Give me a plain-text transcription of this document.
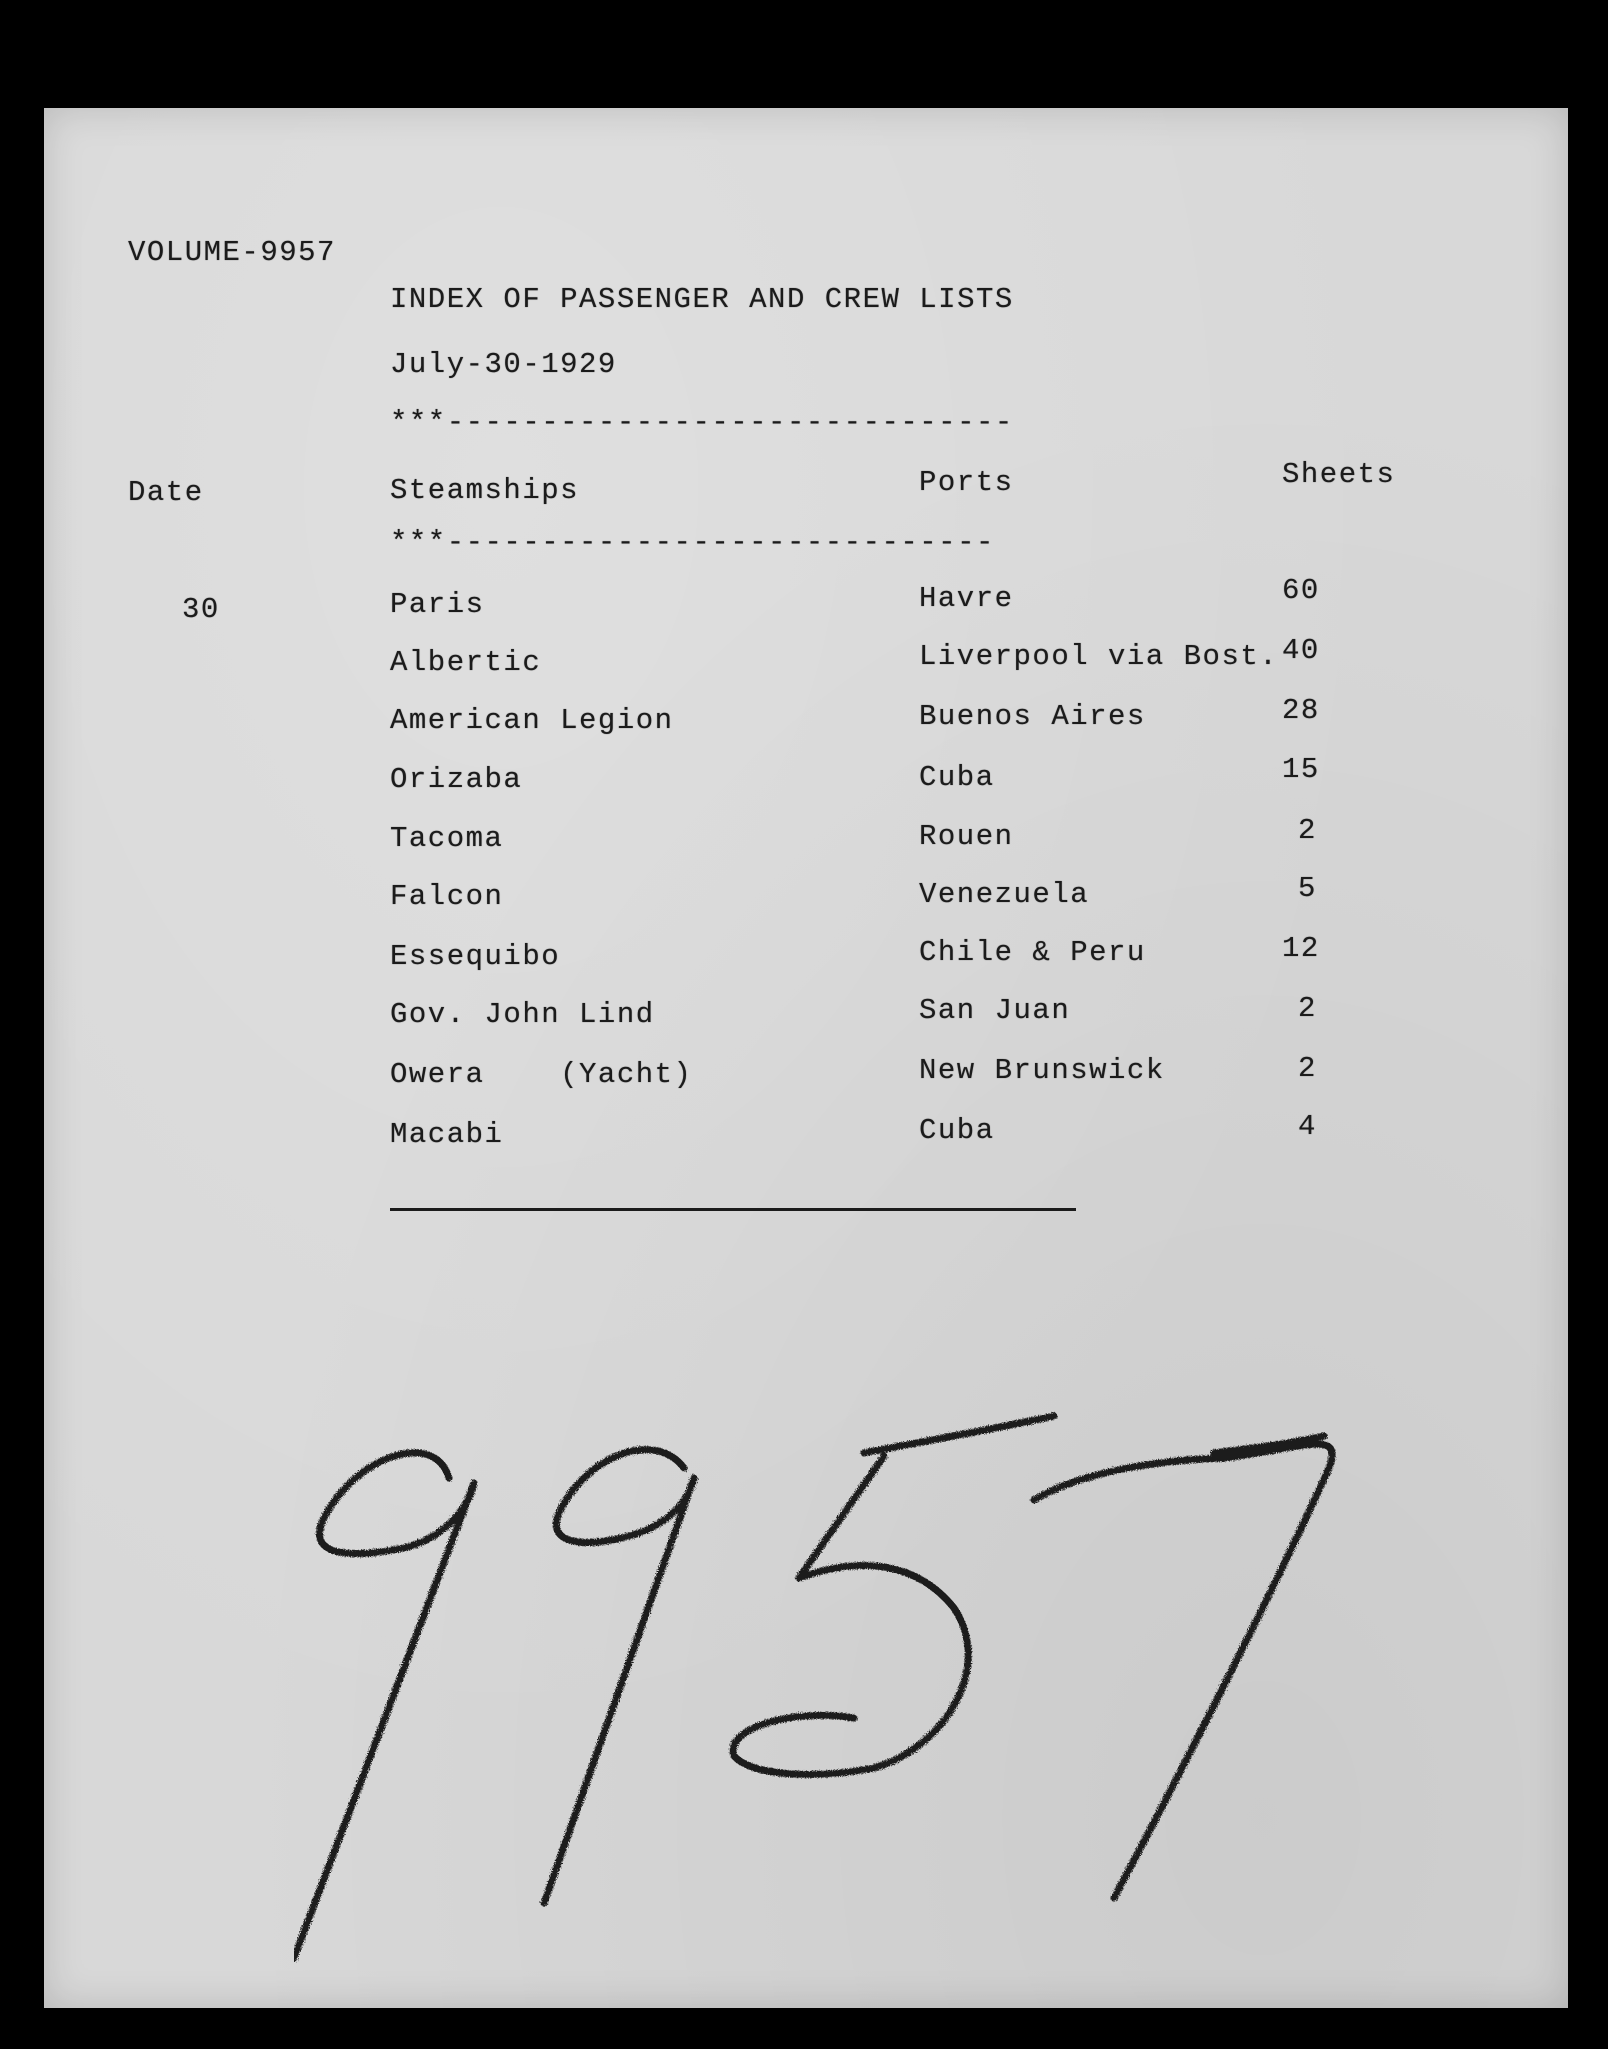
VOLUME-9957
INDEX OF PASSENGER AND CREW LISTS
July-30-1929
***------------------------------
Date	Steamships	Ports	Sheets
***-----------------------------
30	Paris	Havre	60
Albertic	Liverpool via Bost. 40
American Legion	Buenos Aires	28
Orizaba	Cuba	15
Tacoma	Rouen	2
Falcon	Venezuela	5
Essequibo	Chile & Peru	12
Gov. John Lind	San Juan	2
Owera    (Yacht)	New Brunswick	2
Macabi	Cuba	4
